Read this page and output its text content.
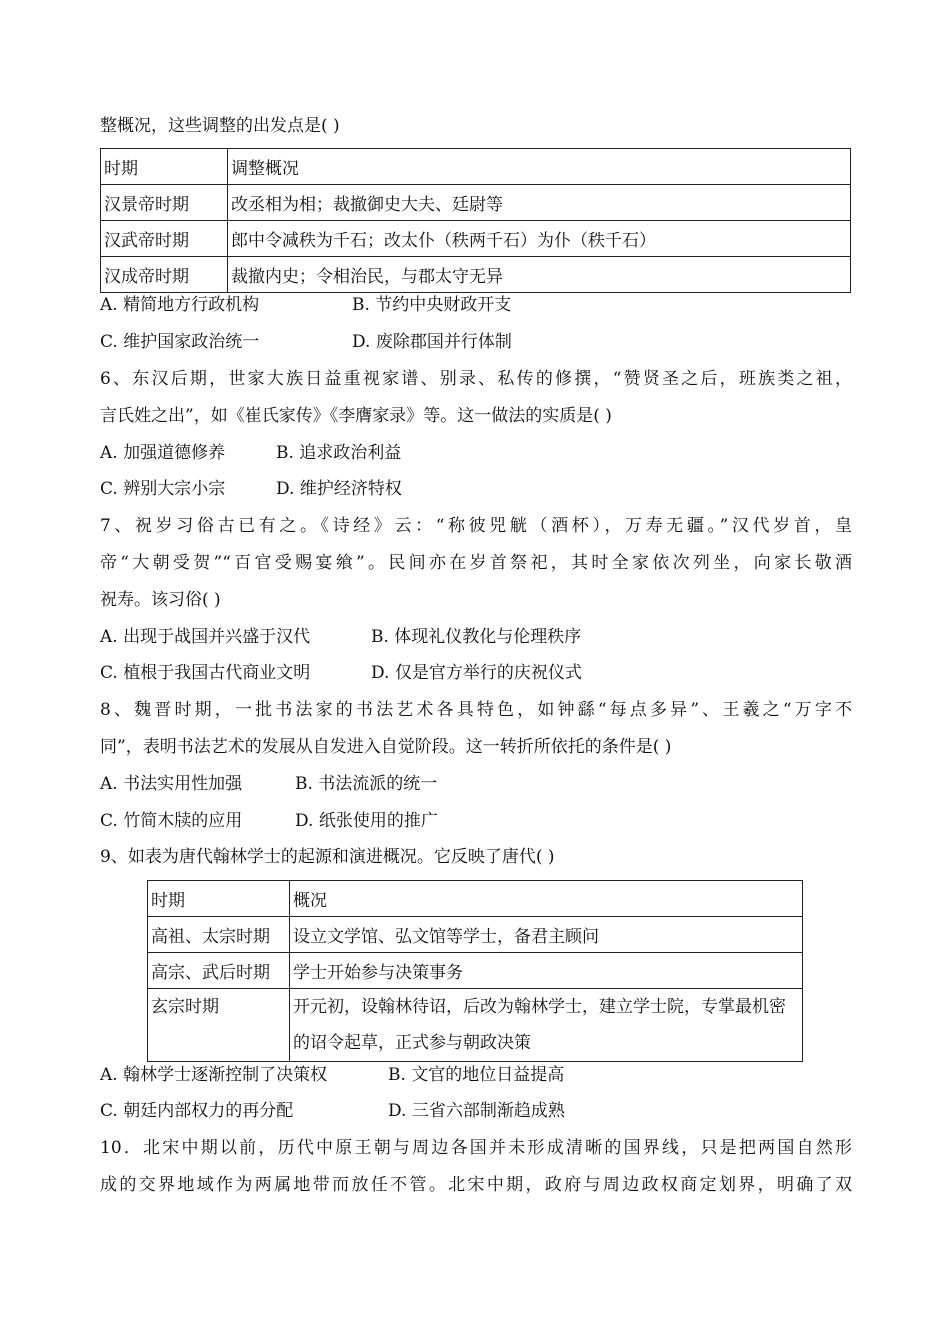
整概况，这些调整的出发点是( )
时期	调整概况
汉景帝时期	改丞相为相；裁撤御史大夫、廷尉等
汉武帝时期	郎中令减秩为千石；改太仆（秩两千石）为仆（秩千石）
汉成帝时期	裁撤内史；令相治民，与郡太守无异
A. 精简地方行政机构	B. 节约中央财政开支
C. 维护国家政治统一	D. 废除郡国并行体制
6、东汉后期，世家大族日益重视家谱、别录、私传的修撰，“赞贤圣之后，班族类之祖，
言氏姓之出”，如《崔氏家传》《李膺家录》等。这一做法的实质是( )
A. 加强道德修养	B. 追求政治利益
C. 辨别大宗小宗	D. 维护经济特权
7、祝岁习俗古已有之。《诗经》云：“称彼兕觥（酒杯），万寿无疆。”汉代岁首，皇
帝“大朝受贺”“百官受赐宴飨”。民间亦在岁首祭祀，其时全家依次列坐，向家长敬酒
祝寿。该习俗( )
A. 出现于战国并兴盛于汉代	B. 体现礼仪教化与伦理秩序
C. 植根于我国古代商业文明	D. 仅是官方举行的庆祝仪式
8、魏晋时期，一批书法家的书法艺术各具特色，如钟繇“每点多异”、王羲之“万字不
同”，表明书法艺术的发展从自发进入自觉阶段。这一转折所依托的条件是( )
A. 书法实用性加强	B. 书法流派的统一
C. 竹简木牍的应用	D. 纸张使用的推广
9、如表为唐代翰林学士的起源和演进概况。它反映了唐代( )
时期	概况
高祖、太宗时期	设立文学馆、弘文馆等学士，备君主顾问
高宗、武后时期	学士开始参与决策事务
玄宗时期	开元初，设翰林待诏，后改为翰林学士，建立学士院，专掌最机密的诏令起草，正式参与朝政决策
A. 翰林学士逐渐控制了决策权	B. 文官的地位日益提高
C. 朝廷内部权力的再分配	D. 三省六部制渐趋成熟
10．北宋中期以前，历代中原王朝与周边各国并未形成清晰的国界线，只是把两国自然形
成的交界地域作为两属地带而放任不管。北宋中期，政府与周边政权商定划界，明确了双
